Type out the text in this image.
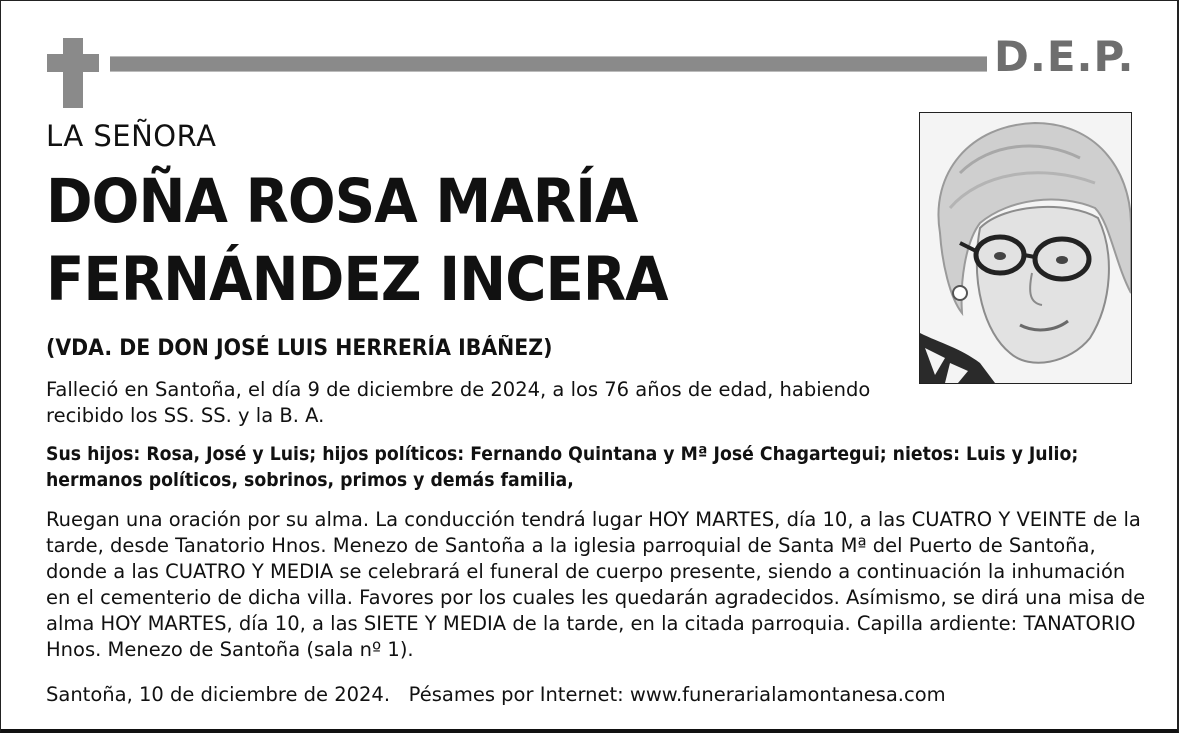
D.E.P.
LA SEÑORA
DOÑA ROSA MARÍA
FERNÁNDEZ INCERA
(VDA. DE DON JOSÉ LUIS HERRERÍA IBÁÑEZ)
Falleció en Santoña, el día 9 de diciembre de 2024, a los 76 años de edad, habiendo recibido los SS. SS. y la B. A.
Sus hijos: Rosa, José y Luis; hijos políticos: Fernando Quintana y Mª José Chagartegui; nietos: Luis y Julio; hermanos políticos, sobrinos, primos y demás familia,
Ruegan una oración por su alma. La conducción tendrá lugar HOY MARTES, día 10, a las CUATRO Y VEINTE de la tarde, desde Tanatorio Hnos. Menezo de Santoña a la iglesia parroquial de Santa Mª del Puerto de Santoña, donde a las CUATRO Y MEDIA se celebrará el funeral de cuerpo presente, siendo a continuación la inhumación en el cementerio de dicha villa. Favores por los cuales les quedarán agradecidos. Asímismo, se dirá una misa de alma HOY MARTES, día 10, a las SIETE Y MEDIA de la tarde, en la citada parroquia. Capilla ardiente: TANATORIO Hnos. Menezo de Santoña (sala nº 1).
Santoña, 10 de diciembre de 2024. Pésames por Internet: www.funerarialamontanesa.com
